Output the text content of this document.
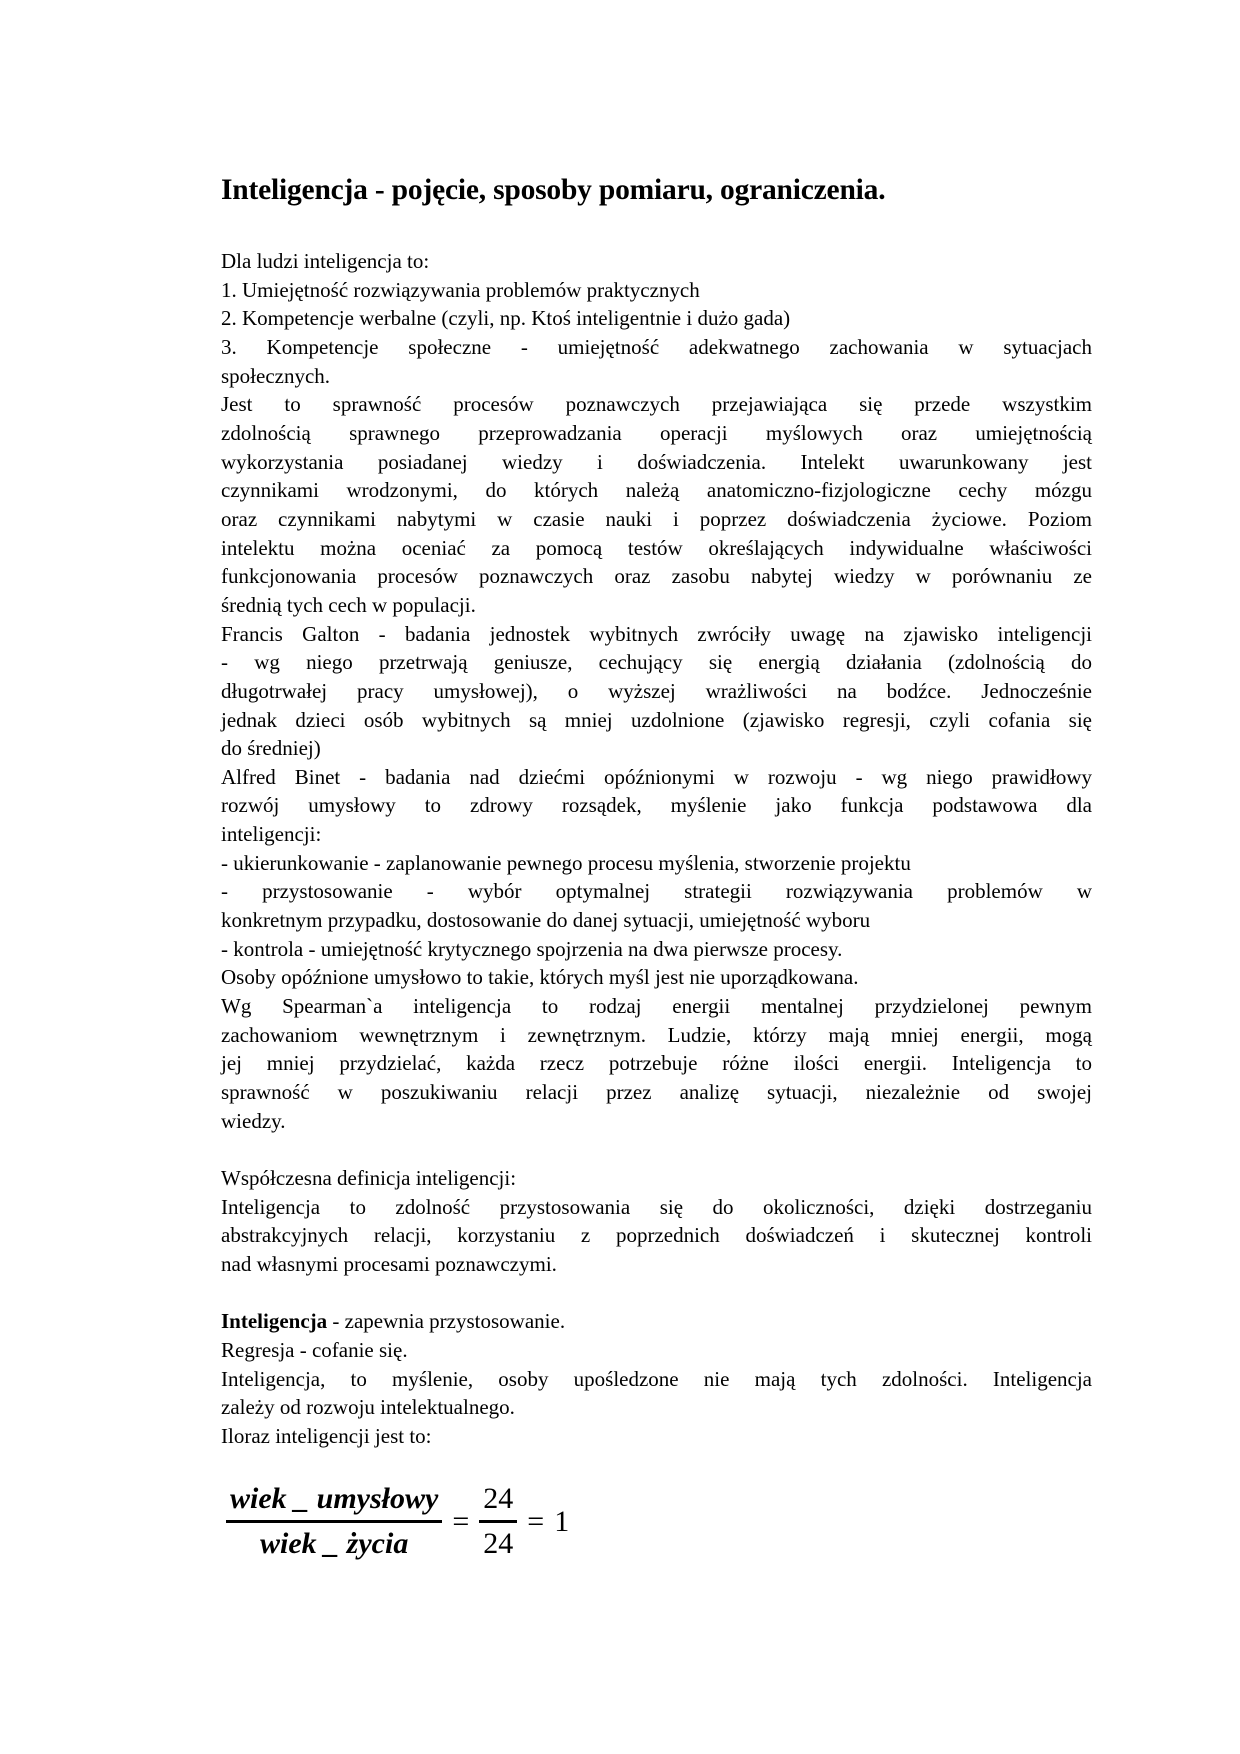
Inteligencja - pojęcie, sposoby pomiaru, ograniczenia.
Dla ludzi inteligencja to:
1. Umiejętność rozwiązywania problemów praktycznych
2. Kompetencje werbalne (czyli, np. Ktoś inteligentnie i dużo gada)
3. Kompetencje społeczne - umiejętność adekwatnego zachowania w sytuacjach
społecznych.
Jest to sprawność procesów poznawczych przejawiająca się przede wszystkim
zdolnością sprawnego przeprowadzania operacji myślowych oraz umiejętnością
wykorzystania posiadanej wiedzy i doświadczenia. Intelekt uwarunkowany jest
czynnikami wrodzonymi, do których należą anatomiczno-fizjologiczne cechy mózgu
oraz czynnikami nabytymi w czasie nauki i poprzez doświadczenia życiowe. Poziom
intelektu można oceniać za pomocą testów określających indywidualne właściwości
funkcjonowania procesów poznawczych oraz zasobu nabytej wiedzy w porównaniu ze
średnią tych cech w populacji.
Francis Galton - badania jednostek wybitnych zwróciły uwagę na zjawisko inteligencji
- wg niego przetrwają geniusze, cechujący się energią działania (zdolnością do
długotrwałej pracy umysłowej), o wyższej wrażliwości na bodźce. Jednocześnie
jednak dzieci osób wybitnych są mniej uzdolnione (zjawisko regresji, czyli cofania się
do średniej)
Alfred Binet - badania nad dziećmi opóźnionymi w rozwoju - wg niego prawidłowy
rozwój umysłowy to zdrowy rozsądek, myślenie jako funkcja podstawowa dla
inteligencji:
- ukierunkowanie - zaplanowanie pewnego procesu myślenia, stworzenie projektu
- przystosowanie - wybór optymalnej strategii rozwiązywania problemów w
konkretnym przypadku, dostosowanie do danej sytuacji, umiejętność wyboru
- kontrola - umiejętność krytycznego spojrzenia na dwa pierwsze procesy.
Osoby opóźnione umysłowo to takie, których myśl jest nie uporządkowana.
Wg Spearman`a inteligencja to rodzaj energii mentalnej przydzielonej pewnym
zachowaniom wewnętrznym i zewnętrznym. Ludzie, którzy mają mniej energii, mogą
jej mniej przydzielać, każda rzecz potrzebuje różne ilości energii. Inteligencja to
sprawność w poszukiwaniu relacji przez analizę sytuacji, niezależnie od swojej
wiedzy.
Współczesna definicja inteligencji:
Inteligencja to zdolność przystosowania się do okoliczności, dzięki dostrzeganiu
abstrakcyjnych relacji, korzystaniu z poprzednich doświadczeń i skutecznej kontroli
nad własnymi procesami poznawczymi.
Inteligencja - zapewnia przystosowanie.
Regresja - cofanie się.
Inteligencja, to myślenie, osoby upośledzone nie mają tych zdolności. Inteligencja
zależy od rozwoju intelektualnego.
Iloraz inteligencji jest to:
$\frac{\text{wiek \_ umysłowy}}{\text{wiek \_ życia}} = \frac{24}{24} = 1$
